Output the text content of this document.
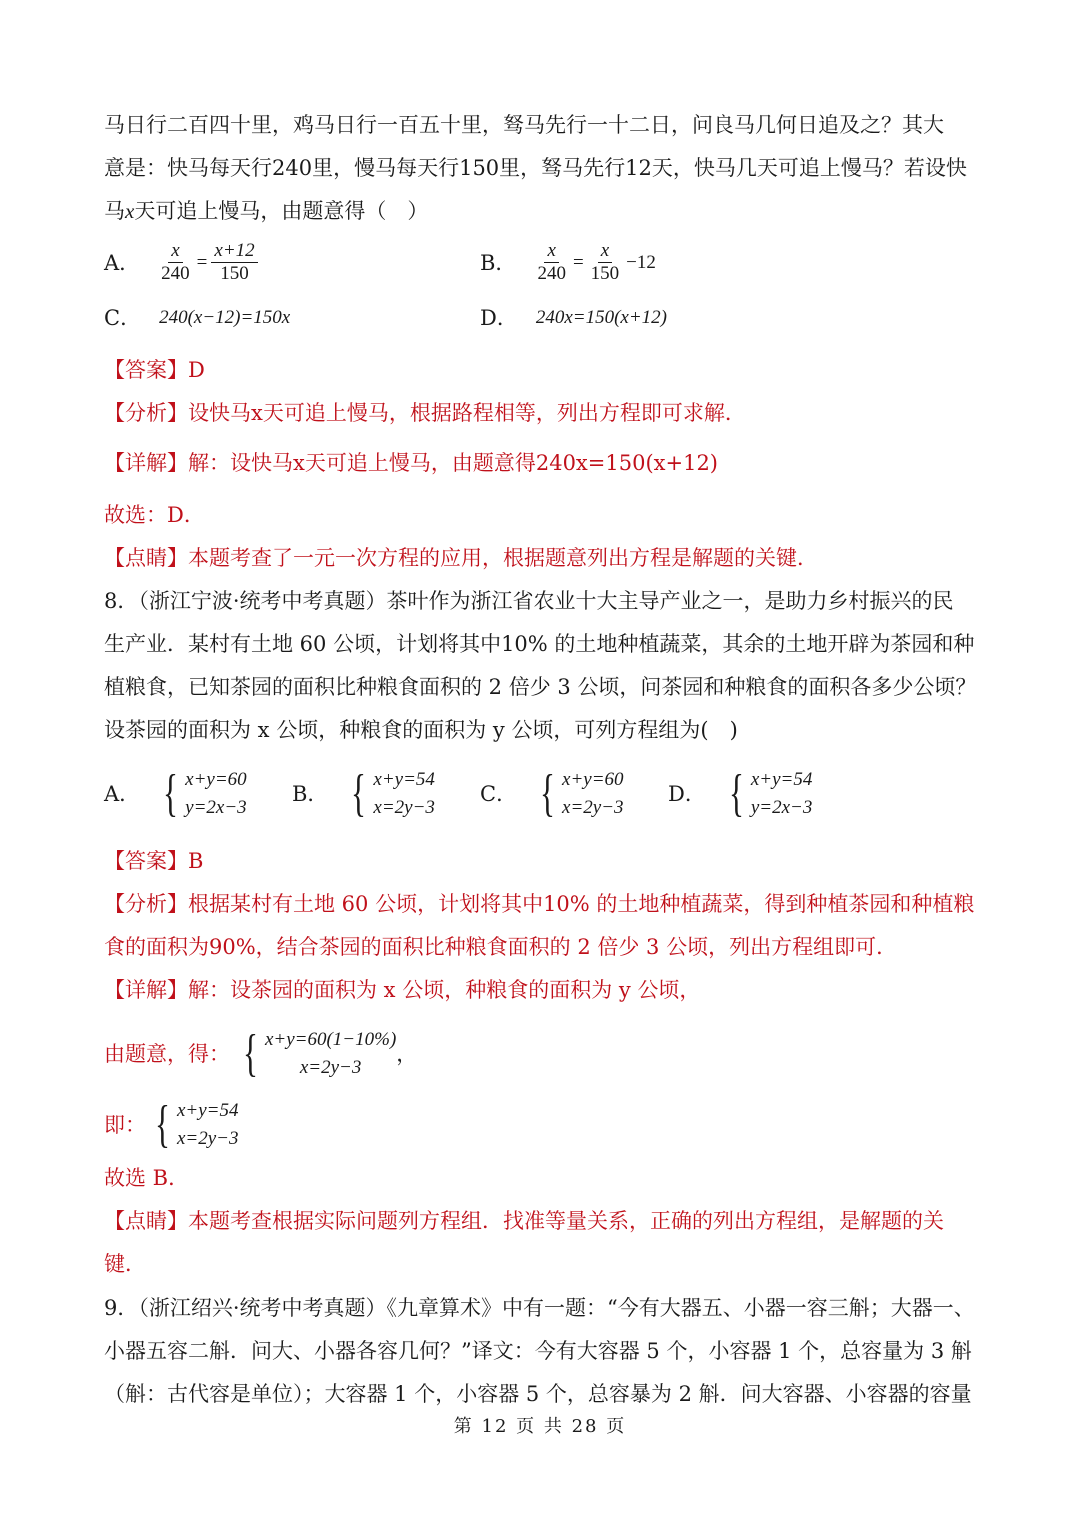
马日行二百四十里，鸡马日行一百五十里，驽马先行一十二日，问良马几何日追及之？其大
意是：快马每天行240里，慢马每天行150里，驽马先行12天，快马几天可追上慢马？若设快
马x天可追上慢马，由题意得（　）
A． $\frac{x}{240} = \frac{x+12}{150}$	B． $\frac{x}{240} = \frac{x}{150} -12$
C． 240(x−12)=150x	D． 240x=150(x+12)
【答案】D
【分析】设快马x天可追上慢马，根据路程相等，列出方程即可求解．
【详解】解：设快马x天可追上慢马，由题意得240x=150(x+12)
故选：D．
【点睛】本题考查了一元一次方程的应用，根据题意列出方程是解题的关键．
8．（浙江宁波·统考中考真题）茶叶作为浙江省农业十大主导产业之一，是助力乡村振兴的民
生产业．某村有土地 60 公顷，计划将其中10% 的土地种植蔬菜，其余的土地开辟为茶园和种
植粮食，已知茶园的面积比种粮食面积的 2 倍少 3 公顷，问茶园和种粮食的面积各多少公顷？
设茶园的面积为 x 公顷，种粮食的面积为 y 公顷，可列方程组为(　)
A． { x+y=60
y=2x−3
B． { x+y=54
x=2y−3
C． { x+y=60
x=2y−3
D． { x+y=54
y=2x−3
【答案】B
【分析】根据某村有土地 60 公顷，计划将其中10% 的土地种植蔬菜，得到种植茶园和种植粮
食的面积为90%，结合茶园的面积比种粮食面积的 2 倍少 3 公顷，列出方程组即可．
【详解】解：设茶园的面积为 x 公顷，种粮食的面积为 y 公顷，
由题意，得： { x+y=60(1−10%)
x=2y−3
，
即： { x+y=54
x=2y−3
故选 B．
【点睛】本题考查根据实际问题列方程组．找准等量关系，正确的列出方程组，是解题的关
键．
9．（浙江绍兴·统考中考真题）《九章算术》中有一题：“今有大器五、小器一容三斛；大器一、
小器五容二斛．问大、小器各容几何？”译文：今有大容器 5 个，小容器 1 个，总容量为 3 斛
（斛：古代容是单位）；大容器 1 个，小容器 5 个，总容暴为 2 斛．问大容器、小容器的容量
第 12 页 共 28 页
